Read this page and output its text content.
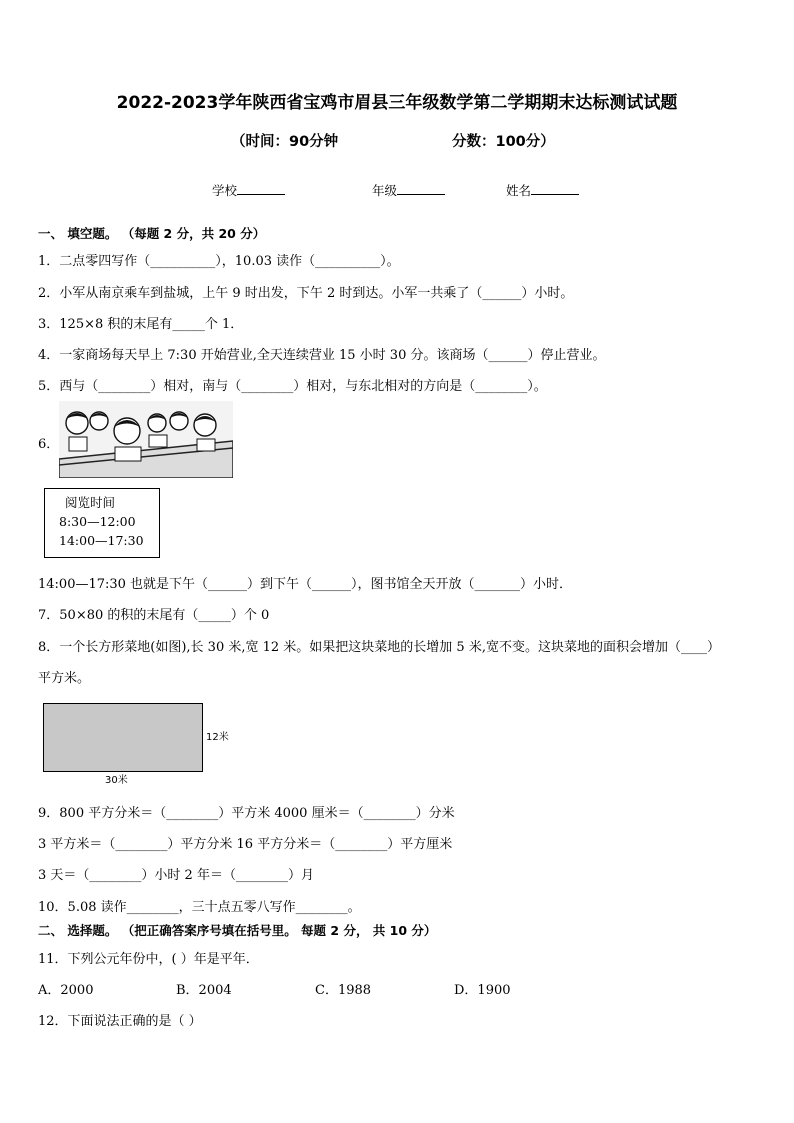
2022-2023学年陕西省宝鸡市眉县三年级数学第二学期期末达标测试试题
（时间：90分钟	分数：100分）
学校	年级	姓名
一、 填空题。 （每题 2 分，共 20 分）
1．二点零四写作（__________），10.03 读作（__________）。
2．小军从南京乘车到盐城，上午 9 时出发，下午 2 时到达。小军一共乘了（______）小时。
3．125×8 积的末尾有_____个 1．
4．一家商场每天早上 7:30 开始营业,全天连续营业 15 小时 30 分。该商场（______）停止营业。
5．西与（________）相对，南与（________）相对，与东北相对的方向是（________）。
6．
阅览时间
8:30—12:00
14:00—17:30
14:00—17:30 也就是下午（______）到下午（______），图书馆全天开放（_______）小时．
7．50×80 的积的末尾有（_____）个 0
8．一个长方形菜地(如图),长 30 米,宽 12 米。如果把这块菜地的长增加 5 米,宽不变。这块菜地的面积会增加（____）
平方米。
12米
30米
9．800 平方分米＝（________）平方米 4000 厘米＝（________）分米
3 平方米＝（________）平方分米 16 平方分米＝（________）平方厘米
3 天＝（________）小时 2 年＝（________）月
10．5.08 读作________，三十点五零八写作________。
二、 选择题。 （把正确答案序号填在括号里。 每题 2 分， 共 10 分）
11．下列公元年份中，( ）年是平年．
A．2000	B．2004	C．1988	D．1900
12．下面说法正确的是（ ）
